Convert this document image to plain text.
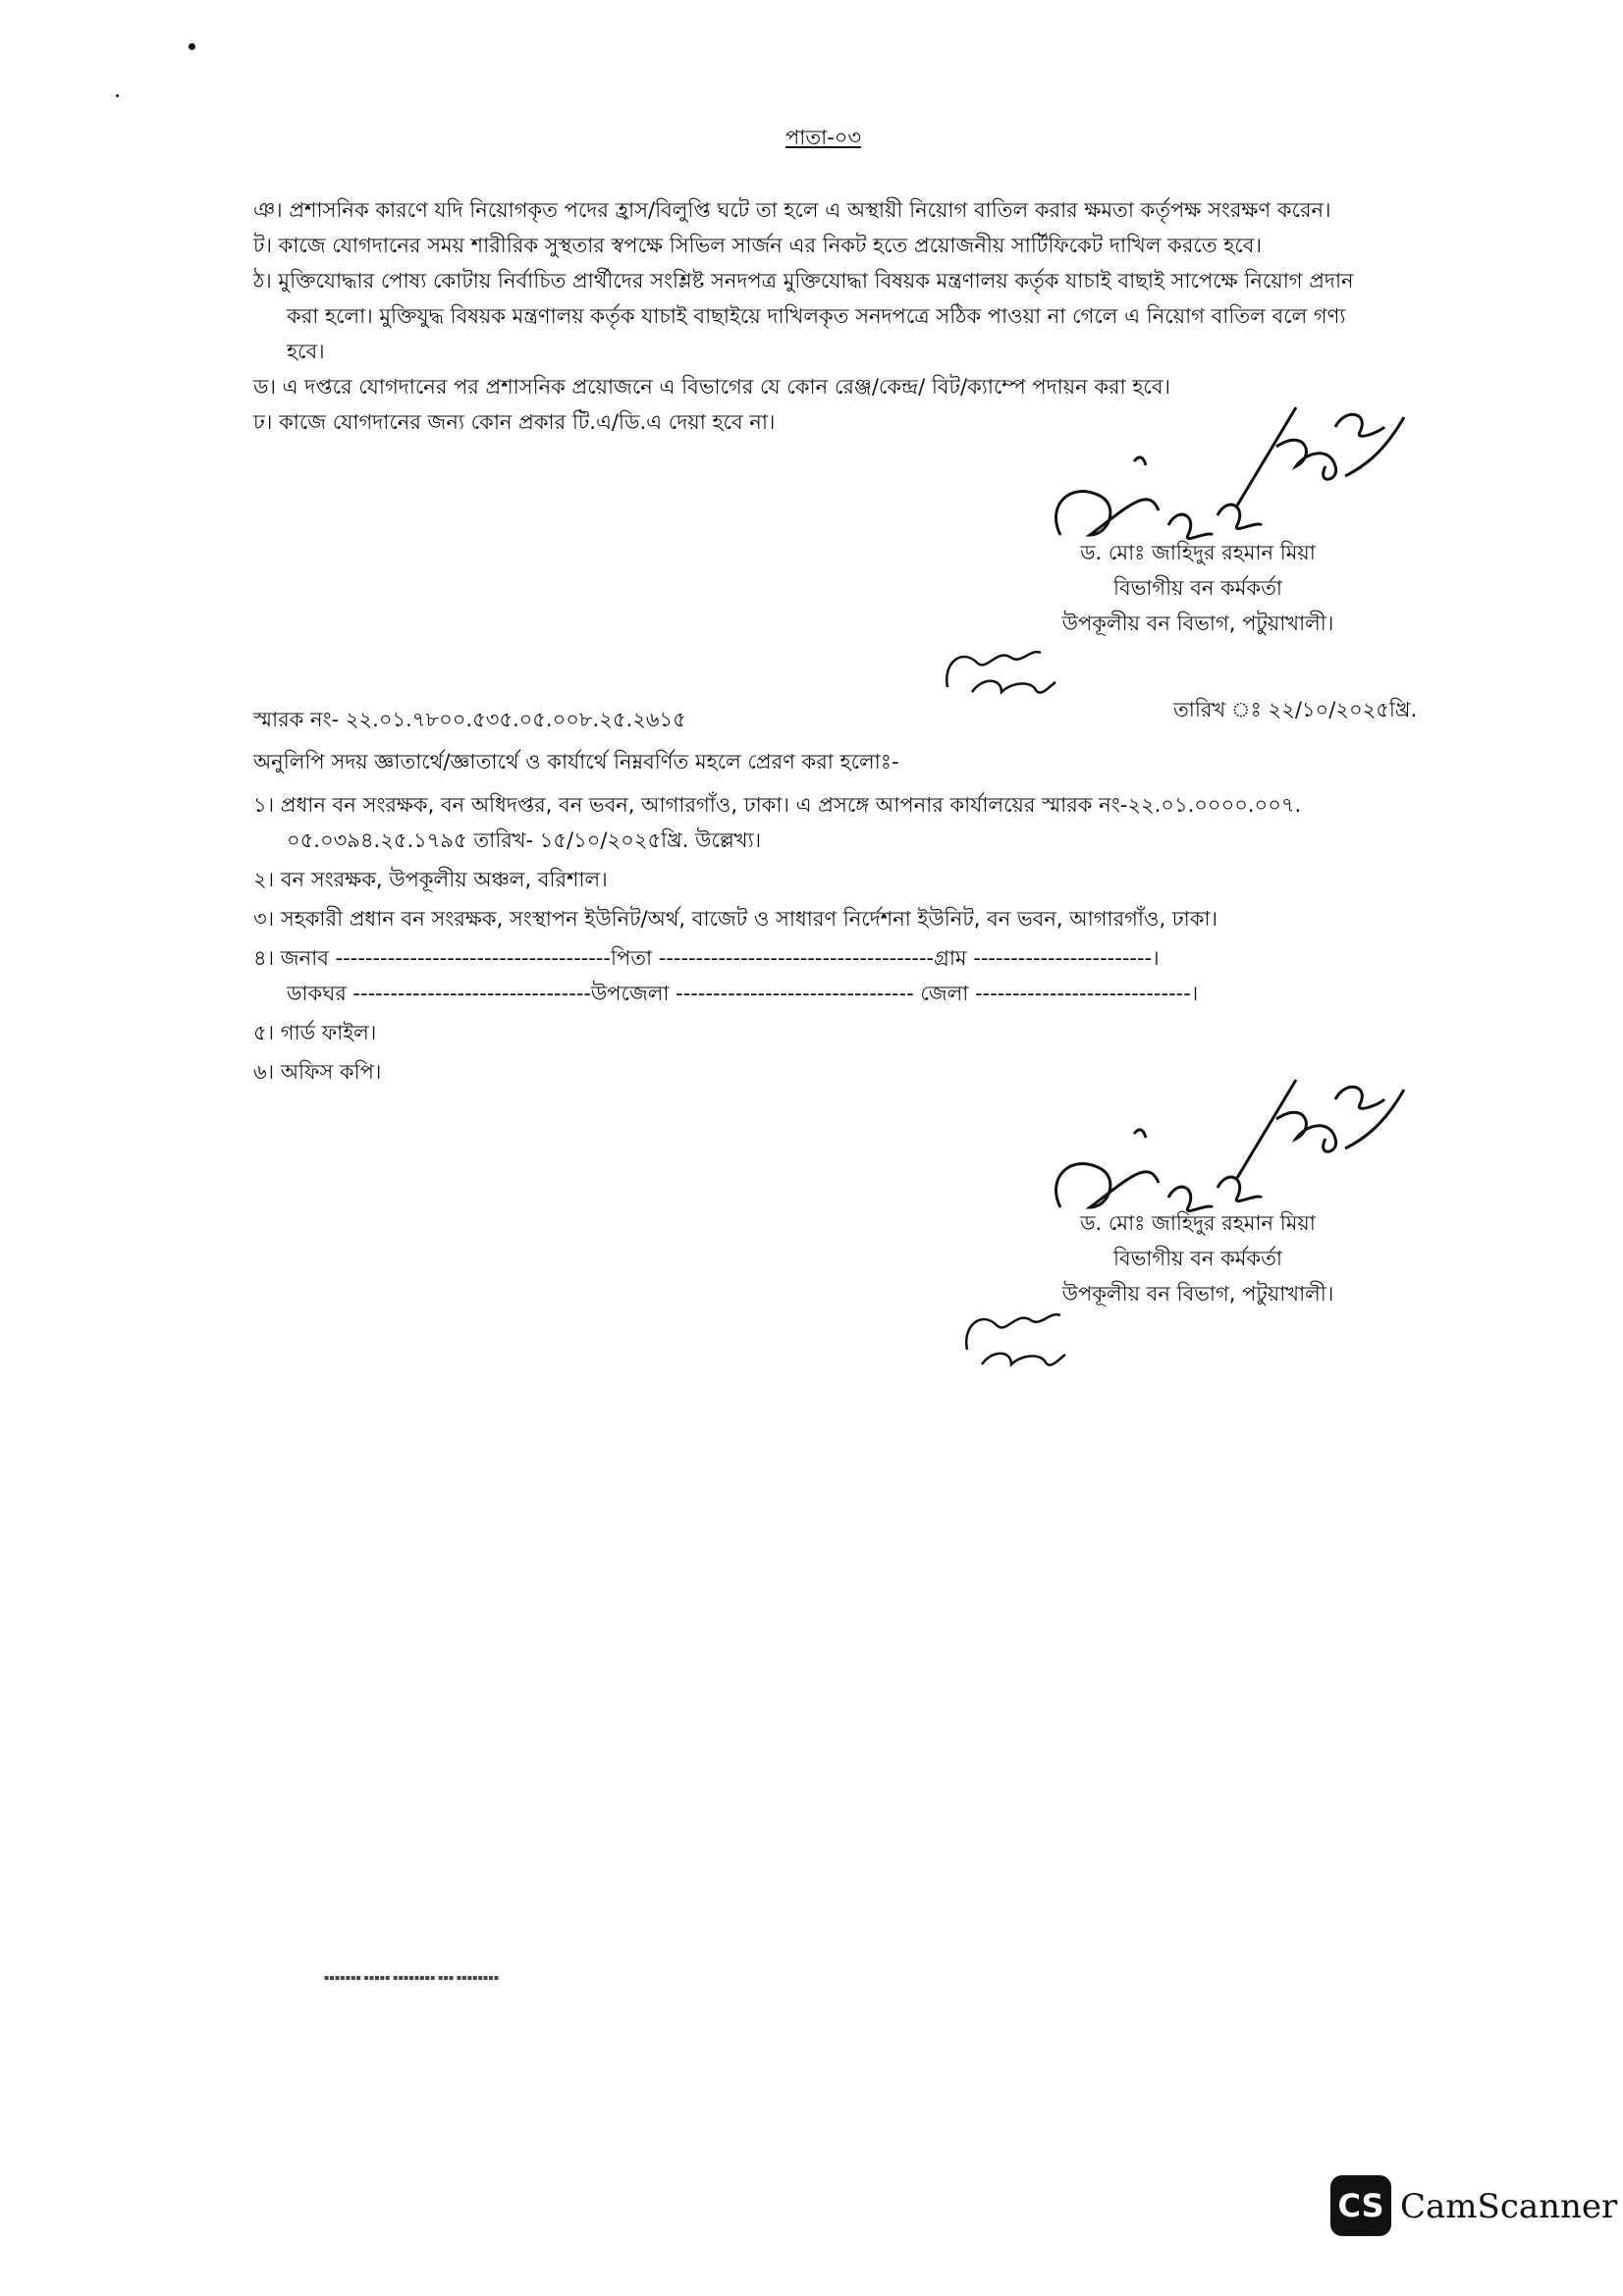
পাতা-০৩
ঞ। প্রশাসনিক কারণে যদি নিয়োগকৃত পদের হ্রাস/বিলুপ্তি ঘটে তা হলে এ অস্থায়ী নিয়োগ বাতিল করার ক্ষমতা কর্তৃপক্ষ সংরক্ষণ করেন।
ট। কাজে যোগদানের সময় শারীরিক সুস্থতার স্বপক্ষে সিভিল সার্জন এর নিকট হতে প্রয়োজনীয় সার্টিফিকেট দাখিল করতে হবে।
ঠ। মুক্তিযোদ্ধার পোষ্য কোটায় নির্বাচিত প্রার্থীদের সংশ্লিষ্ট সনদপত্র মুক্তিযোদ্ধা বিষয়ক মন্ত্রণালয় কর্তৃক যাচাই বাছাই সাপেক্ষে নিয়োগ প্রদান
করা হলো। মুক্তিযুদ্ধ বিষয়ক মন্ত্রণালয় কর্তৃক যাচাই বাছাইয়ে দাখিলকৃত সনদপত্রে সঠিক পাওয়া না গেলে এ নিয়োগ বাতিল বলে গণ্য
হবে।
ড। এ দপ্তরে যোগদানের পর প্রশাসনিক প্রয়োজনে এ বিভাগের যে কোন রেঞ্জ/কেন্দ্র/ বিট/ক্যাম্পে পদায়ন করা হবে।
ঢ। কাজে যোগদানের জন্য কোন প্রকার টি.এ/ডি.এ দেয়া হবে না।
ড. মোঃ জাহিদুর রহমান মিয়া
বিভাগীয় বন কর্মকর্তা
উপকূলীয় বন বিভাগ, পটুয়াখালী।
স্মারক নং- ২২.০১.৭৮০০.৫৩৫.০৫.০০৮.২৫.২৬১৫	তারিখ ঃ ২২/১০/২০২৫খ্রি.
অনুলিপি সদয় জ্ঞাতার্থে/জ্ঞাতার্থে ও কার্যার্থে নিম্নবর্ণিত মহলে প্রেরণ করা হলোঃ-
১। প্রধান বন সংরক্ষক, বন অধিদপ্তর, বন ভবন, আগারগাঁও, ঢাকা। এ প্রসঙ্গে আপনার কার্যালয়ের স্মারক নং-২২.০১.০০০০.০০৭.
০৫.০৩৯৪.২৫.১৭৯৫ তারিখ- ১৫/১০/২০২৫খ্রি. উল্লেখ্য।
২। বন সংরক্ষক, উপকূলীয় অঞ্চল, বরিশাল।
৩। সহকারী প্রধান বন সংরক্ষক, সংস্থাপন ইউনিট/অর্থ, বাজেট ও সাধারণ নির্দেশনা ইউনিট, বন ভবন, আগারগাঁও, ঢাকা।
৪। জনাব -------------------------------------পিতা -------------------------------------গ্রাম ------------------------।
ডাকঘর --------------------------------উপজেলা -------------------------------- জেলা -----------------------------।
৫। গার্ড ফাইল।
৬। অফিস কপি।
ড. মোঃ জাহিদুর রহমান মিয়া
বিভাগীয় বন কর্মকর্তা
উপকূলীয় বন বিভাগ, পটুয়াখালী।
▪▪▪▪▪▪▪ ▪▪▪▪▪ ▪▪▪▪▪▪▪▪ ▪▪▪ ▪▪▪▪▪▪▪▪
CS CamScanner
